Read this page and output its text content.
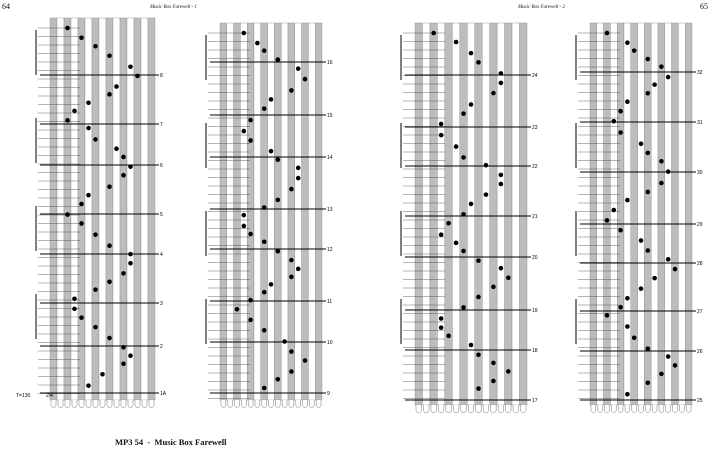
64	Music Box Farewell - 1	Music Box Farewell - 2	65
1A
2
3
4
5
6
7
8
9
10
11
12
13
14
15
16
17
18
19
20
21
22
23
24
25
26
27
28
29
30
31
32
T=130	2/4
MP3 54 - Music Box Farewell
